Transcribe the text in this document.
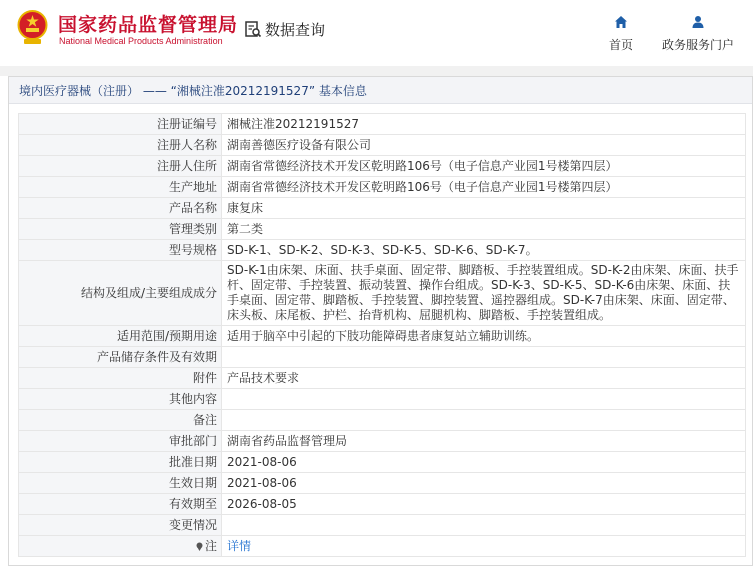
国家药品监督管理局
National Medical Products Administration
数据查询
首页	政务服务门户
境内医疗器械（注册） —— “湘械注准20212191527” 基本信息
注册证编号	湘械注准20212191527
注册人名称	湖南善德医疗设备有限公司
注册人住所	湖南省常德经济技术开发区乾明路106号（电子信息产业园1号楼第四层）
生产地址	湖南省常德经济技术开发区乾明路106号（电子信息产业园1号楼第四层）
产品名称	康复床
管理类别	第二类
型号规格	SD-K-1、SD-K-2、SD-K-3、SD-K-5、SD-K-6、SD-K-7。
结构及组成/主要组成成分	SD-K-1由床架、床面、扶手桌面、固定带、脚踏板、手控装置组成。SD-K-2由床架、床面、扶手杆、固定带、手控装置、振动装置、操作台组成。SD-K-3、SD-K-5、SD-K-6由床架、床面、扶手桌面、固定带、脚踏板、手控装置、脚控装置、遥控器组成。SD-K-7由床架、床面、固定带、床头板、床尾板、护栏、抬背机构、屈腿机构、脚踏板、手控装置组成。
适用范围/预期用途	适用于脑卒中引起的下肢功能障碍患者康复站立辅助训练。
产品储存条件及有效期	
附件	产品技术要求
其他内容	
备注	
审批部门	湖南省药品监督管理局
批准日期	2021-08-06
生效日期	2021-08-06
有效期至	2026-08-05
变更情况	
注	详情
